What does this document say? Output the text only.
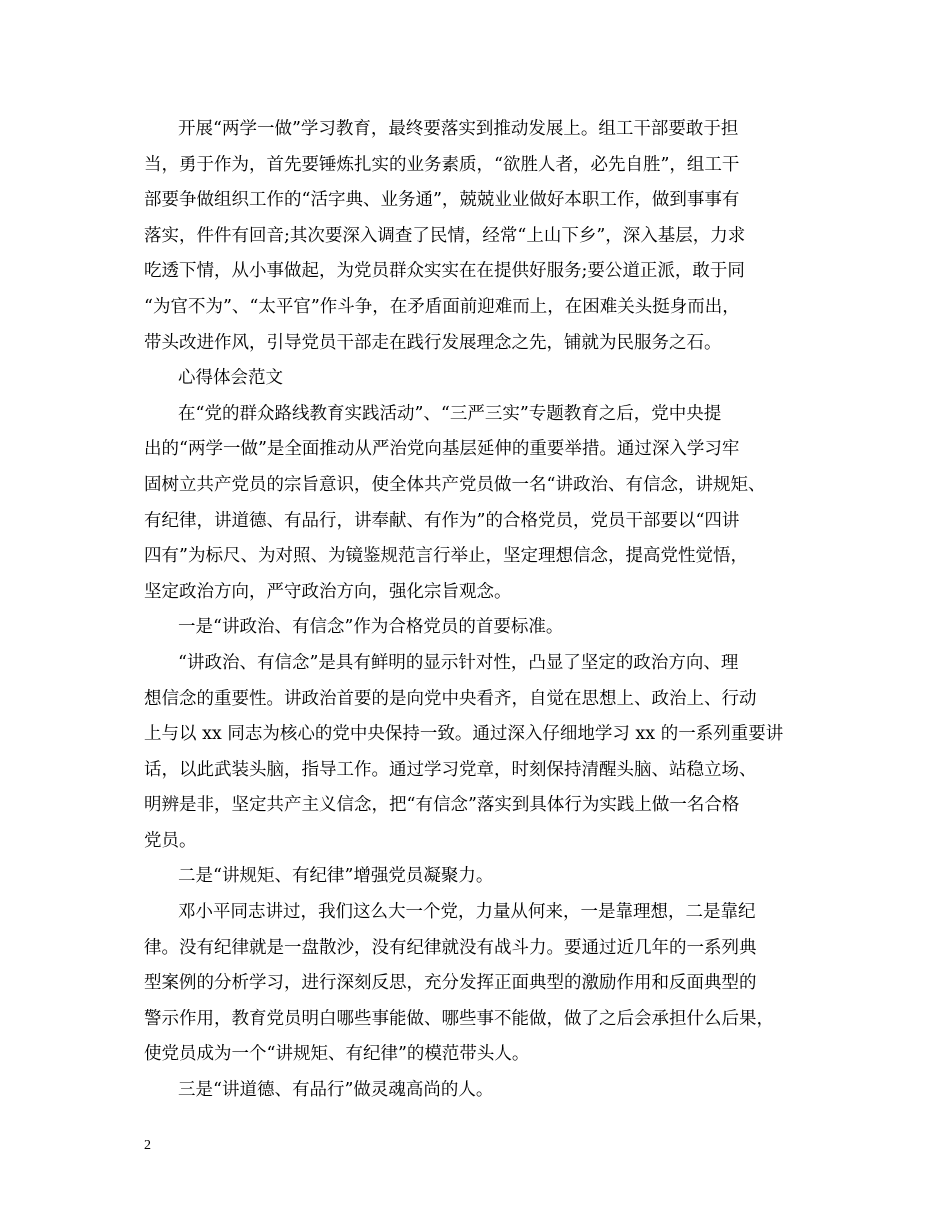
开展“两学一做”学习教育，最终要落实到推动发展上。组工干部要敢于担
当，勇于作为，首先要锤炼扎实的业务素质，“欲胜人者，必先自胜”，组工干
部要争做组织工作的“活字典、业务通”，兢兢业业做好本职工作，做到事事有
落实，件件有回音;其次要深入调查了民情，经常“上山下乡”，深入基层，力求
吃透下情，从小事做起，为党员群众实实在在提供好服务;要公道正派，敢于同
“为官不为”、“太平官”作斗争，在矛盾面前迎难而上，在困难关头挺身而出，
带头改进作风，引导党员干部走在践行发展理念之先，铺就为民服务之石。
心得体会范文
在“党的群众路线教育实践活动”、“三严三实”专题教育之后，党中央提
出的“两学一做”是全面推动从严治党向基层延伸的重要举措。通过深入学习牢
固树立共产党员的宗旨意识，使全体共产党员做一名“讲政治、有信念，讲规矩、
有纪律，讲道德、有品行，讲奉献、有作为”的合格党员，党员干部要以“四讲
四有”为标尺、为对照、为镜鉴规范言行举止，坚定理想信念，提高党性觉悟，
坚定政治方向，严守政治方向，强化宗旨观念。
一是“讲政治、有信念”作为合格党员的首要标准。
“讲政治、有信念”是具有鲜明的显示针对性，凸显了坚定的政治方向、理
想信念的重要性。讲政治首要的是向党中央看齐，自觉在思想上、政治上、行动
上与以 xx 同志为核心的党中央保持一致。通过深入仔细地学习 xx 的一系列重要讲
话，以此武装头脑，指导工作。通过学习党章，时刻保持清醒头脑、站稳立场、
明辨是非，坚定共产主义信念，把“有信念”落实到具体行为实践上做一名合格
党员。
二是“讲规矩、有纪律”增强党员凝聚力。
邓小平同志讲过，我们这么大一个党，力量从何来，一是靠理想，二是靠纪
律。没有纪律就是一盘散沙，没有纪律就没有战斗力。要通过近几年的一系列典
型案例的分析学习，进行深刻反思，充分发挥正面典型的激励作用和反面典型的
警示作用，教育党员明白哪些事能做、哪些事不能做，做了之后会承担什么后果，
使党员成为一个“讲规矩、有纪律”的模范带头人。
三是“讲道德、有品行”做灵魂高尚的人。
2
